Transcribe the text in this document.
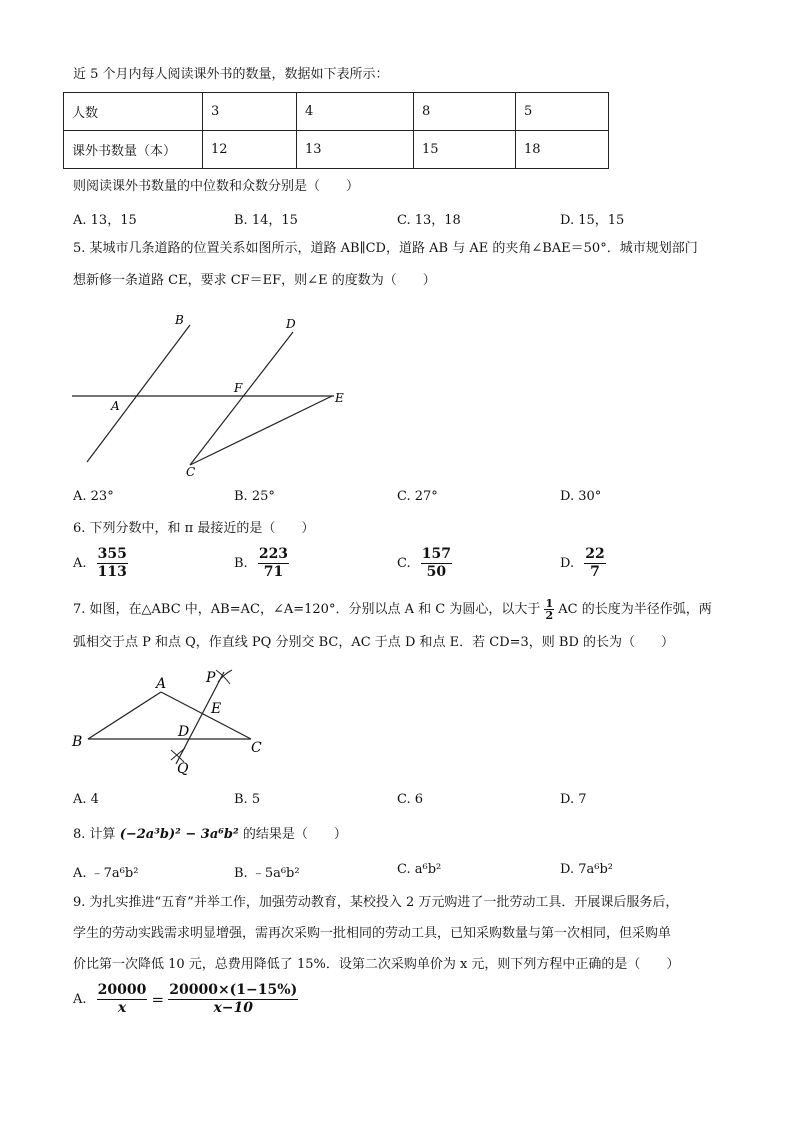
近 5 个月内每人阅读课外书的数量，数据如下表所示：
人数	3	4	8	5
课外书数量（本）	12	13	15	18
则阅读课外书数量的中位数和众数分别是（　　）
A. 13，15	B. 14，15	C. 13，18	D. 15，15
5. 某城市几条道路的位置关系如图所示，道路 AB∥CD，道路 AB 与 AE 的夹角∠BAE＝50°．城市规划部门
想新修一条道路 CE，要求 CF＝EF，则∠E 的度数为（　　）
B	D
F
A
E
C
A. 23°	B. 25°	C. 27°	D. 30°
6. 下列分数中，和 π 最接近的是（　　）
A. $\frac{355}{113}$	B. $\frac{223}{71}$	C. $\frac{157}{50}$	D. $\frac{22}{7}$
7. 如图，在△ABC 中，AB=AC，∠A=120°．分别以点 A 和 C 为圆心，以大于 $\frac{1}{2}$ AC 的长度为半径作弧，两
弧相交于点 P 和点 Q，作直线 PQ 分别交 BC，AC 于点 D 和点 E．若 CD=3，则 BD 的长为（　　）
A	P
E
B
D
C
Q
A. 4	B. 5	C. 6	D. 7
8. 计算 (−2a³b)² − 3a⁶b² 的结果是（　　）
A. ﹣7a⁶b²	B. ﹣5a⁶b²	C. a⁶b²	D. 7a⁶b²
9. 为扎实推进“五育”并举工作，加强劳动教育，某校投入 2 万元购进了一批劳动工具．开展课后服务后，
学生的劳动实践需求明显增强，需再次采购一批相同的劳动工具，已知采购数量与第一次相同，但采购单
价比第一次降低 10 元，总费用降低了 15%．设第二次采购单价为 x 元，则下列方程中正确的是（　　）
A. $\frac{20000}{x} = \frac{20000\times(1-15\%)}{x-10}$
